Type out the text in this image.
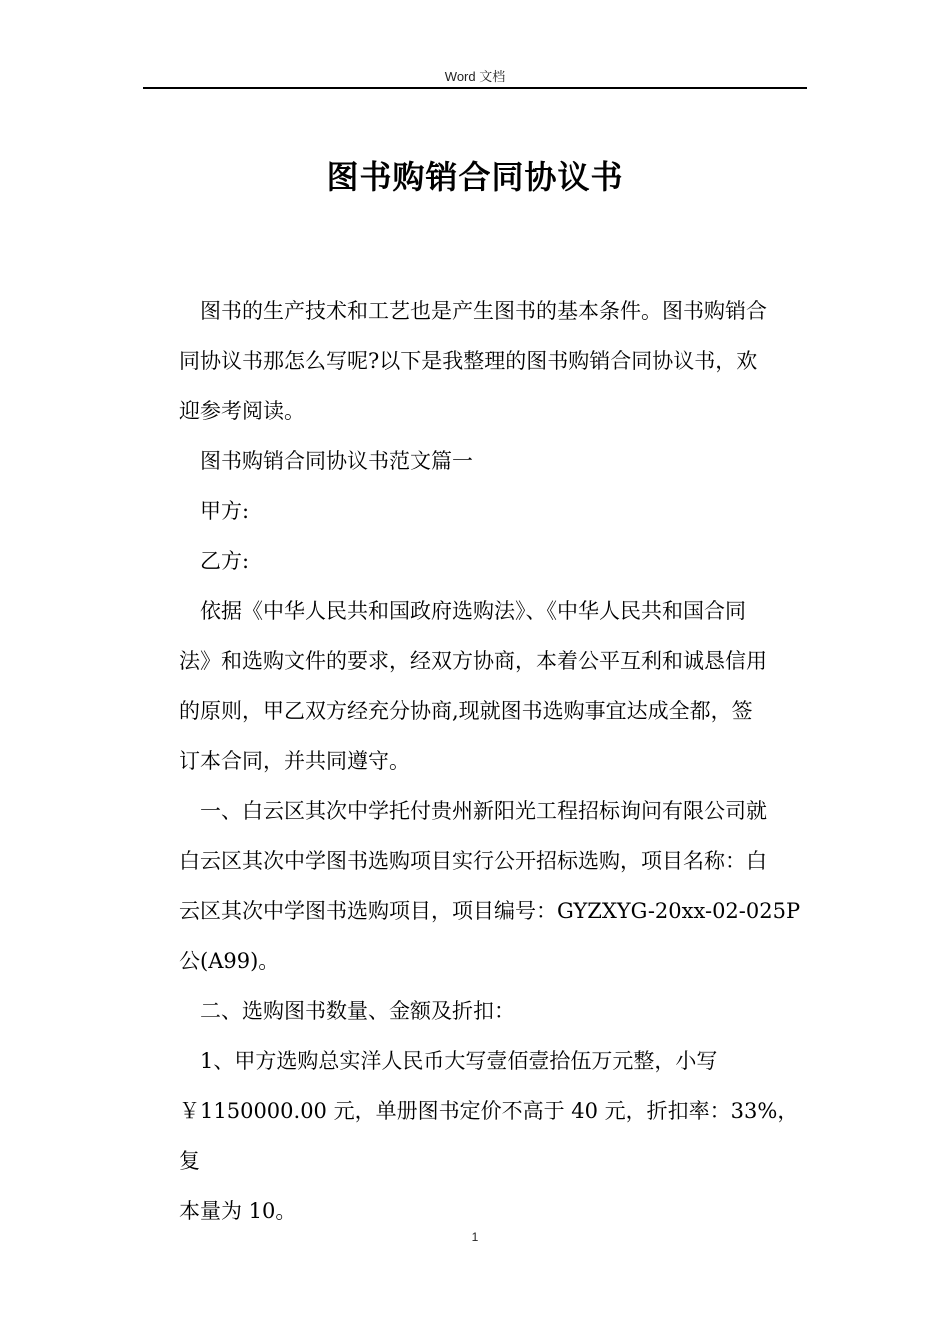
Word 文档
图书购销合同协议书
图书的生产技术和工艺也是产生图书的基本条件。图书购销合
同协议书那怎么写呢?以下是我整理的图书购销合同协议书，欢
迎参考阅读。
图书购销合同协议书范文篇一
甲方:
乙方:
依据《中华人民共和国政府选购法》、《中华人民共和国合同
法》和选购文件的要求，经双方协商，本着公平互利和诚恳信用
的原则，甲乙双方经充分协商,现就图书选购事宜达成全都，签
订本合同，并共同遵守。
一、白云区其次中学托付贵州新阳光工程招标询问有限公司就
白云区其次中学图书选购项目实行公开招标选购，项目名称：白
云区其次中学图书选购项目，项目编号：GYZXYG-20xx-02-025P
公(A99)。
二、选购图书数量、金额及折扣：
1、甲方选购总实洋人民币大写壹佰壹拾伍万元整，小写
￥1150000.00 元，单册图书定价不高于 40 元，折扣率：33%，复
本量为 10。
1
